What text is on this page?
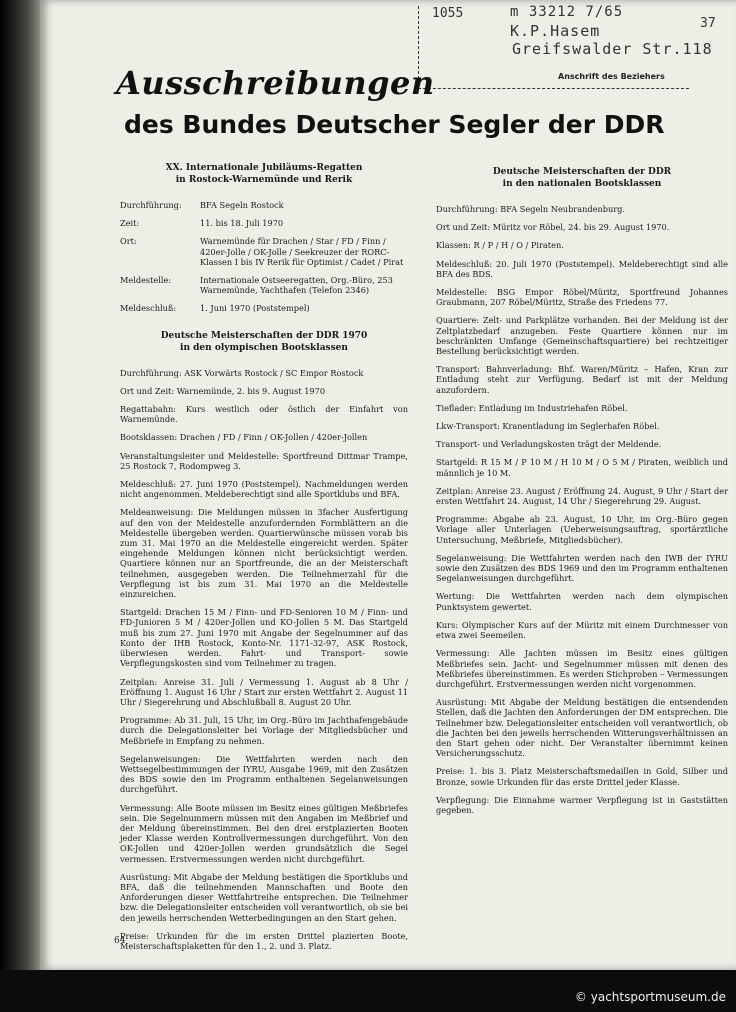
1055	m 33212 7/65
K.P.Hasem
Greifswalder Str.118
Anschrift des Beziehers
37
Ausschreibungen
des Bundes Deutscher Segler der DDR
XX. Internationale Jubiläums-Regatten
in Rostock-Warnemünde und Rerik
Durchführung:	BFA Segeln Rostock
Zeit:	11. bis 18. Juli 1970
Ort:	Warnemünde für Drachen / Star / FD / Finn / 420er-Jolle / OK-Jolle / Seekreuzer der RORC-Klassen I bis IV Rerik für Optimist / Cadet / Pirat
Meldestelle:	Internationale Ostseeregatten, Org.-Büro, 253 Warnemünde, Yachthafen (Telefon 2346)
Meldeschluß:	1. Juni 1970 (Poststempel)
Deutsche Meisterschaften der DDR 1970
in den olympischen Bootsklassen
Durchführung: ASK Vorwärts Rostock / SC Empor Rostock
Ort und Zeit: Warnemünde, 2. bis 9. August 1970
Regattabahn: Kurs westlich oder östlich der Einfahrt von Warnemünde.
Bootsklassen: Drachen / FD / Finn / OK-Jollen / 420er-Jollen
Veranstaltungsleiter und Meldestelle: Sportfreund Dittmar Trampe, 25 Rostock 7, Rodompweg 3.
Meldeschluß: 27. Juni 1970 (Poststempel). Nachmeldungen werden nicht angenommen. Meldeberechtigt sind alle Sportklubs und BFA.
Meldeanweisung: Die Meldungen müssen in 3facher Ausfertigung auf den von der Meldestelle anzufordernden Formblättern an die Meldestelle übergeben werden. Quartierwünsche müssen vorab bis zum 31. Mai 1970 an die Meldestelle eingereicht werden. Später eingehende Meldungen können nicht berücksichtigt werden. Quartiere können nur an Sportfreunde, die an der Meisterschaft teilnehmen, ausgegeben werden. Die Teilnehmerzahl für die Verpflegung ist bis zum 31. Mai 1970 an die Meldestelle einzureichen.
Startgeld: Drachen 15 M / Finn- und FD-Senioren 10 M / Finn- und FD-Junioren 5 M / 420er-Jollen und KO-Jollen 5 M. Das Startgeld muß bis zum 27. Juni 1970 mit Angabe der Segelnummer auf das Konto der IHB Rostock, Konto-Nr. 1171-32-97, ASK Rostock, überwiesen werden. Fahrt- und Transport- sowie Verpflegungskosten sind vom Teilnehmer zu tragen.
Zeitplan: Anreise 31. Juli / Vermessung 1. August ab 8 Uhr / Eröffnung 1. August 16 Uhr / Start zur ersten Wettfahrt 2. August 11 Uhr / Siegerehrung und Abschlußball 8. August 20 Uhr.
Programme: Ab 31. Juli, 15 Uhr, im Org.-Büro im Jachthafengebäude durch die Delegationsleiter bei Vorlage der Mitgliedsbücher und Meßbriefe in Empfang zu nehmen.
Segelanweisungen: Die Wettfahrten werden nach den Wettsegelbestimmungen der IYRU, Ausgabe 1969, mit den Zusätzen des BDS sowie den im Programm enthaltenen Segelanweisungen durchgeführt.
Vermessung: Alle Boote müssen im Besitz eines gültigen Meßbriefes sein. Die Segelnummern müssen mit den Angaben im Meßbrief und der Meldung übereinstimmen. Bei den drei erstplazierten Booten jeder Klasse werden Kontrollvermessungen durchgeführt. Von den OK-Jollen und 420er-Jollen werden grundsätzlich die Segel vermessen. Erstvermessungen werden nicht durchgeführt.
Ausrüstung: Mit Abgabe der Meldung bestätigen die Sportklubs und BFA, daß die teilnehmenden Mannschaften und Boote den Anforderungen dieser Wettfahrtreihe entsprechen. Die Teilnehmer bzw. die Delegationsleiter entscheiden voll verantwortlich, ob sie bei den jeweils herrschenden Wetterbedingungen an den Start gehen.
Preise: Urkunden für die im ersten Drittel plazierten Boote, Meisterschaftsplaketten für den 1., 2. und 3. Platz.
Deutsche Meisterschaften der DDR
in den nationalen Bootsklassen
Durchführung: BFA Segeln Neubrandenburg.
Ort und Zeit: Müritz vor Röbel, 24. bis 29. August 1970.
Klassen: R / P / H / O / Piraten.
Meldeschluß: 20. Juli 1970 (Poststempel). Meldeberechtigt sind alle BFA des BDS.
Meldestelle: BSG Empor Röbel/Müritz, Sportfreund Johannes Graubmann, 207 Röbel/Müritz, Straße des Friedens 77.
Quartiere: Zelt- und Parkplätze vorhanden. Bei der Meldung ist der Zeltplatzbedarf anzugeben. Feste Quartiere können nur im beschränkten Umfange (Gemeinschaftsquartiere) bei rechtzeitiger Bestellung berücksichtigt werden.
Transport: Bahnverladung: Bhf. Waren/Müritz – Hafen, Kran zur Entladung steht zur Verfügung. Bedarf ist mit der Meldung anzufordern.
Tieflader: Entladung im Industriehafen Röbel.
Lkw-Transport: Kranentladung im Seglerhafen Röbel.
Transport- und Verladungskosten trägt der Meldende.
Startgeld: R 15 M / P 10 M / H 10 M / O 5 M / Piraten, weiblich und männlich je 10 M.
Zeitplan: Anreise 23. August / Eröffnung 24. August, 9 Uhr / Start der ersten Wettfahrt 24. August, 14 Uhr / Siegerehrung 29. August.
Programme: Abgabe ab 23. August, 10 Uhr, im Org.-Büro gegen Vorlage aller Unterlagen (Ueberweisungsauftrag, sportärztliche Untersuchung, Meßbriefe, Mitgliedsbücher).
Segelanweisung: Die Wettfahrten werden nach den IWB der IYRU sowie den Zusätzen des BDS 1969 und den im Programm enthaltenen Segelanweisungen durchgeführt.
Wertung: Die Wettfahrten werden nach dem olympischen Punktsystem gewertet.
Kurs: Olympischer Kurs auf der Müritz mit einem Durchmesser von etwa zwei Seemeilen.
Vermessung: Alle Jachten müssen im Besitz eines gültigen Meßbriefes sein. Jacht- und Segelnummer müssen mit denen des Meßbriefes übereinstimmen. Es werden Stichproben – Vermessungen durchgeführt. Erstvermessungen werden nicht vorgenommen.
Ausrüstung: Mit Abgabe der Meldung bestätigen die entsendenden Stellen, daß die Jachten den Anforderungen der DM entsprechen. Die Teilnehmer bzw. Delegationsleiter entscheiden voll verantwortlich, ob die Jachten bei den jeweils herrschenden Witterungsverhältnissen an den Start gehen oder nicht. Der Veranstalter übernimmt keinen Versicherungsschutz.
Preise: 1. bis 3. Platz Meisterschaftsmedaillen in Gold, Silber und Bronze, sowie Urkunden für das erste Drittel jeder Klasse.
Verpflegung: Die Einnahme warmer Verpflegung ist in Gaststätten gegeben.
64
© yachtsportmuseum.de
